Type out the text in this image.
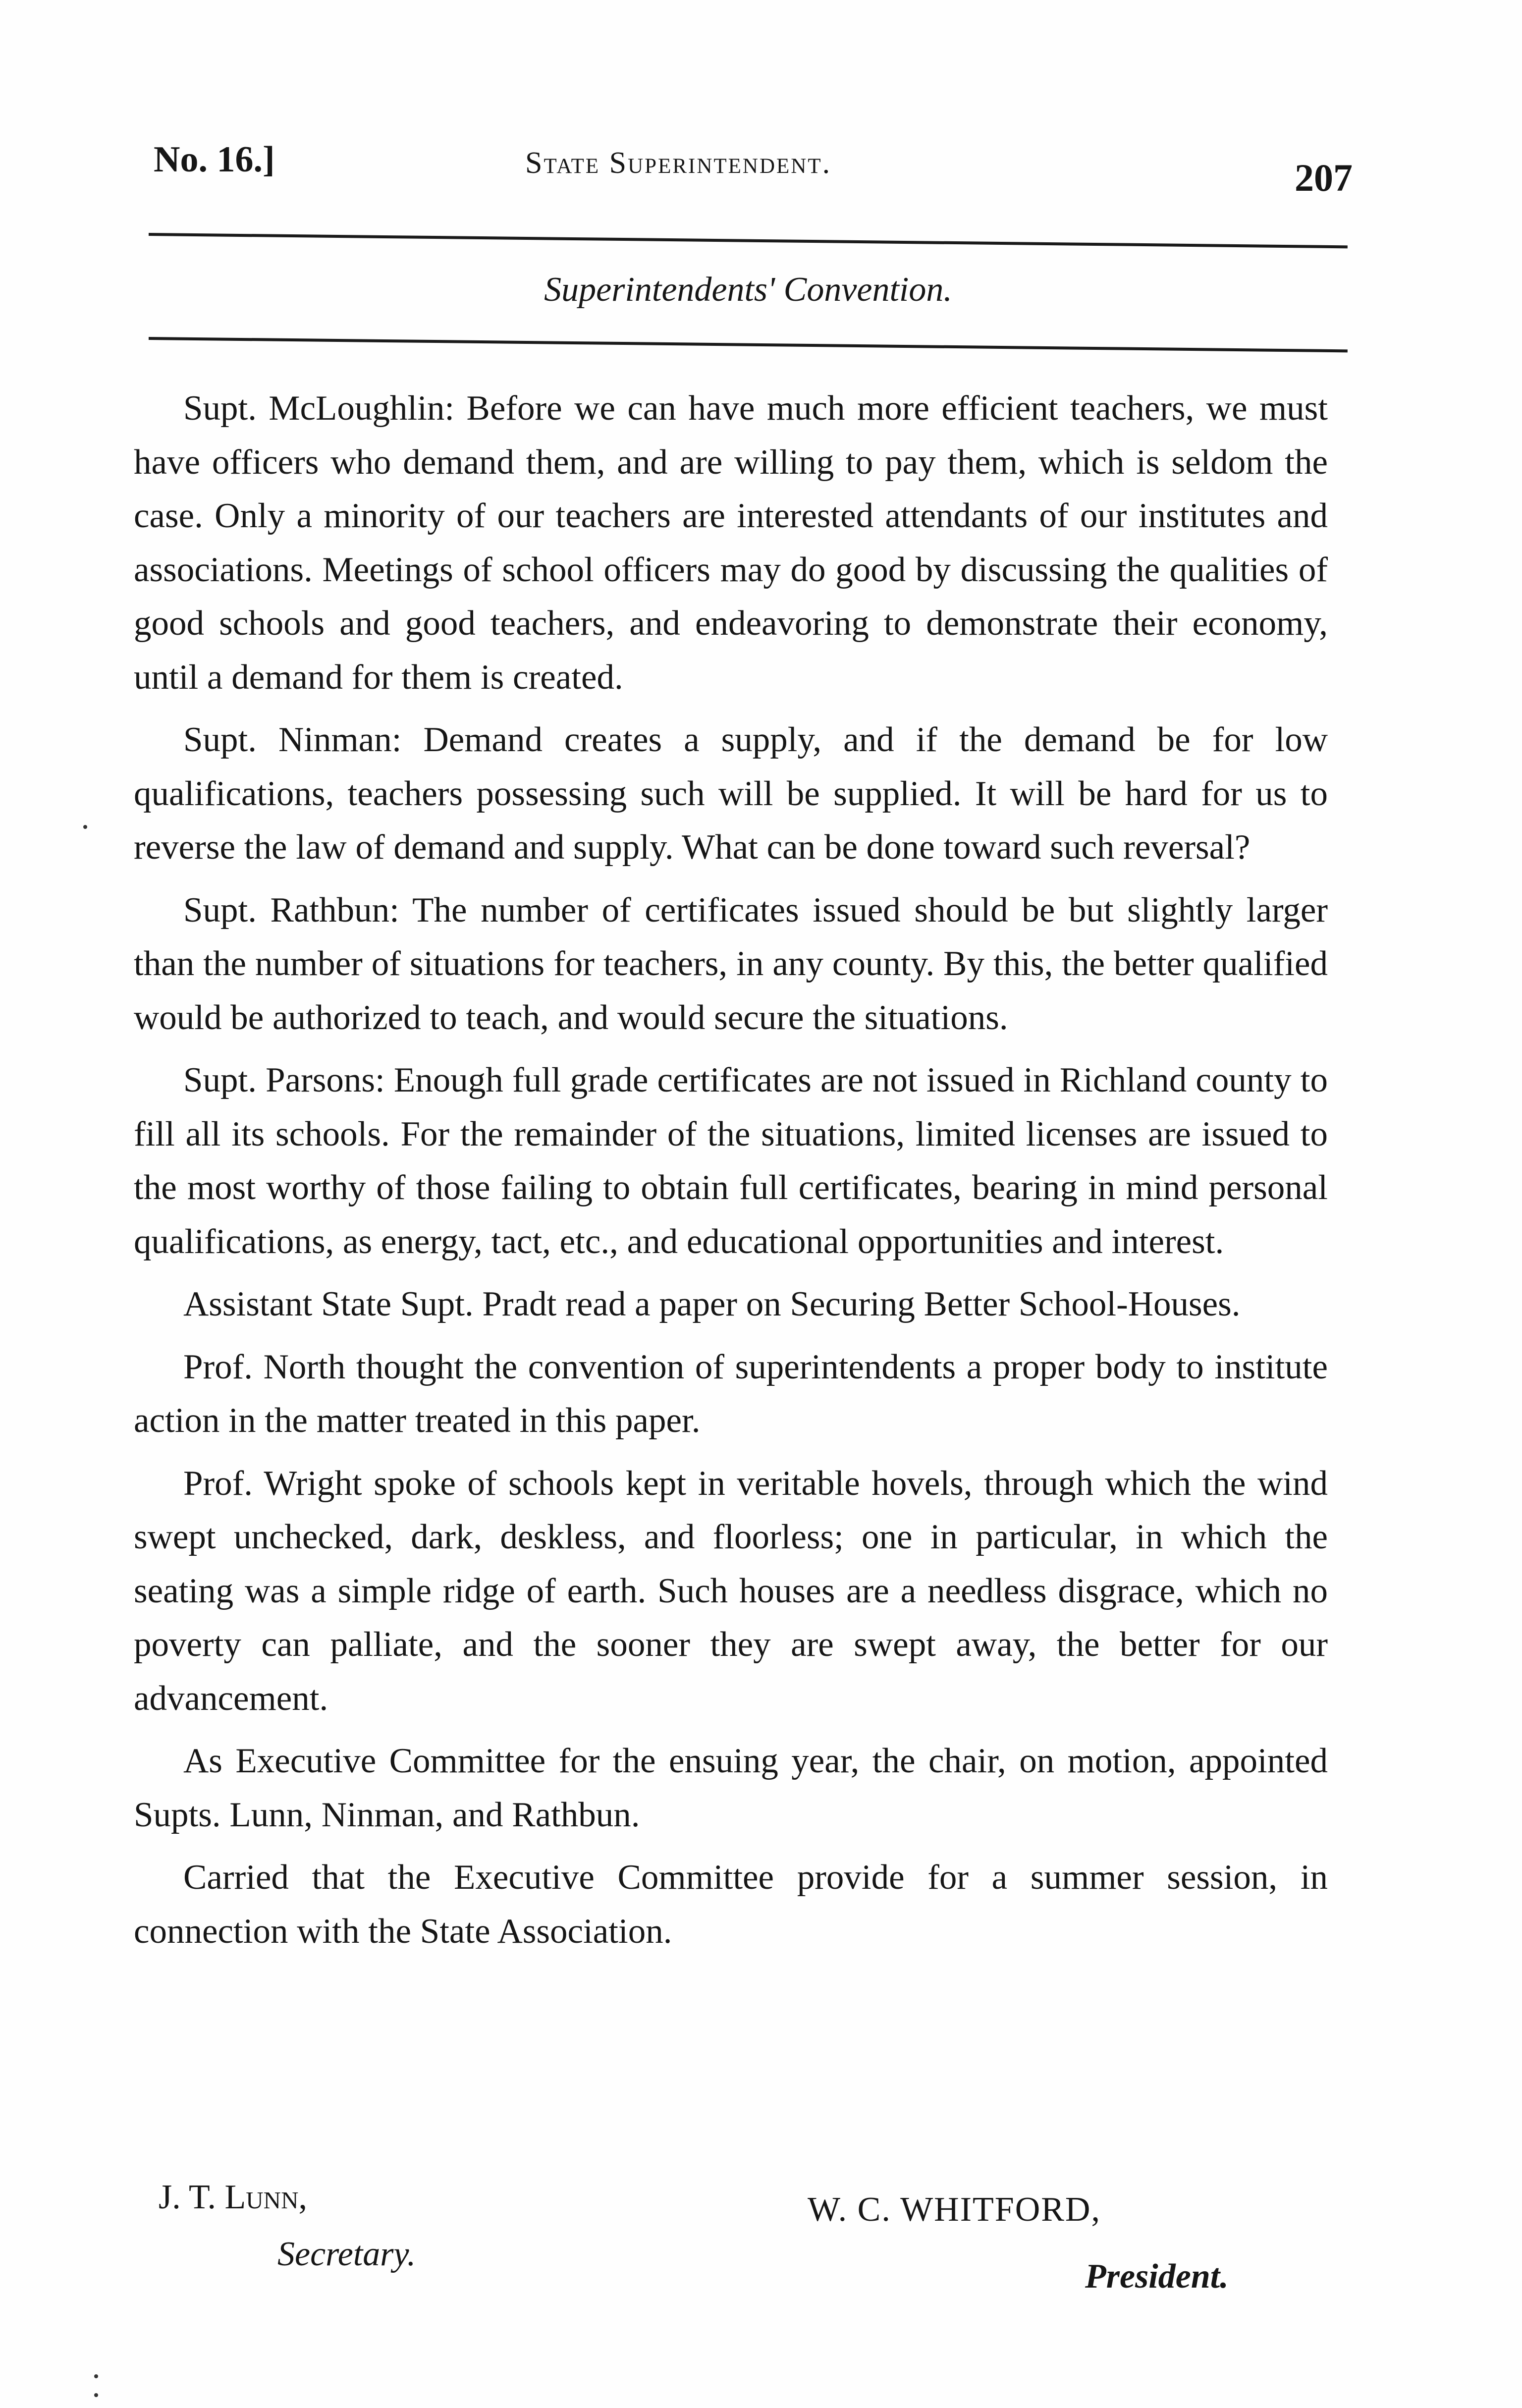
No. 16.]	State Superintendent.	207
Superintendents' Convention.

Supt. McLoughlin: Before we can have much more efficient teachers, we must have officers who demand them, and are willing to pay them, which is seldom the case. Only a minority of our teachers are interested attendants of our institutes and associations. Meetings of school officers may do good by discussing the qualities of good schools and good teachers, and endeavoring to demonstrate their economy, until a demand for them is created.

Supt. Ninman: Demand creates a supply, and if the demand be for low qualifications, teachers possessing such will be supplied. It will be hard for us to reverse the law of demand and supply. What can be done toward such reversal?

Supt. Rathbun: The number of certificates issued should be but slightly larger than the number of situations for teachers, in any county. By this, the better qualified would be authorized to teach, and would secure the situations.

Supt. Parsons: Enough full grade certificates are not issued in Richland county to fill all its schools. For the remainder of the situations, limited licenses are issued to the most worthy of those failing to obtain full certificates, bearing in mind personal qualifications, as energy, tact, etc., and educational opportunities and interest.

Assistant State Supt. Pradt read a paper on Securing Better School-Houses.

Prof. North thought the convention of superintendents a proper body to institute action in the matter treated in this paper.

Prof. Wright spoke of schools kept in veritable hovels, through which the wind swept unchecked, dark, deskless, and floorless; one in particular, in which the seating was a simple ridge of earth. Such houses are a needless disgrace, which no poverty can palliate, and the sooner they are swept away, the better for our advancement.

As Executive Committee for the ensuing year, the chair, on motion, appointed Supts. Lunn, Ninman, and Rathbun.

Carried that the Executive Committee provide for a summer session, in connection with the State Association.

J. T. Lunn,
Secretary.
W. C. WHITFORD,
President.
